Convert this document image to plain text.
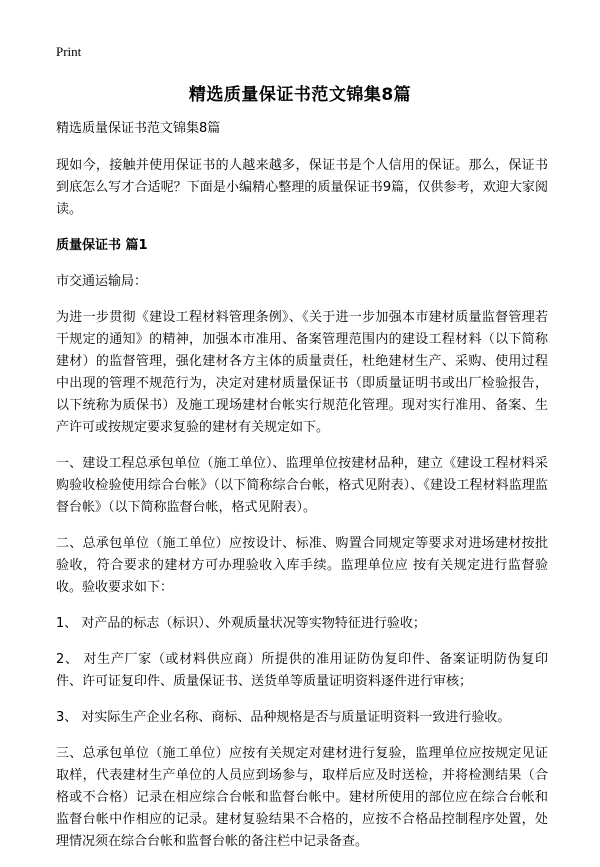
Print
精选质量保证书范文锦集8篇

精选质量保证书范文锦集8篇

现如今，接触并使用保证书的人越来越多，保证书是个人信用的保证。那么，保证书到底怎么写才合适呢？下面是小编精心整理的质量保证书9篇，仅供参考，欢迎大家阅读。

质量保证书 篇1

市交通运输局：

为进一步贯彻《建设工程材料管理条例》、《关于进一步加强本市建材质量监督管理若干规定的通知》的精神，加强本市准用、备案管理范围内的建设工程材料（以下简称建材）的监督管理，强化建材各方主体的质量责任，杜绝建材生产、采购、使用过程中出现的管理不规范行为，决定对建材质量保证书（即质量证明书或出厂检验报告，以下统称为质保书）及施工现场建材台帐实行规范化管理。现对实行准用、备案、生产许可或按规定要求复验的建材有关规定如下。

一、建设工程总承包单位（施工单位）、监理单位按建材品种，建立《建设工程材料采购验收检验使用综合台帐》（以下简称综合台帐，格式见附表）、《建设工程材料监理监督台帐》（以下简称监督台帐，格式见附表）。

二、总承包单位（施工单位）应按设计、标准、购置合同规定等要求对进场建材按批验收，符合要求的建材方可办理验收入库手续。监理单位应 按有关规定进行监督验收。验收要求如下：

1、 对产品的标志（标识）、外观质量状况等实物特征进行验收；

2、 对生产厂家（或材料供应商）所提供的准用证防伪复印件、备案证明防伪复印件、许可证复印件、质量保证书、送货单等质量证明资料逐件进行审核；

3、 对实际生产企业名称、商标、品种规格是否与质量证明资料一致进行验收。

三、总承包单位（施工单位）应按有关规定对建材进行复验，监理单位应按规定见证取样，代表建材生产单位的人员应到场参与，取样后应及时送检，并将检测结果（合格或不合格）记录在相应综合台帐和监督台帐中。建材所使用的部位应在综合台帐和监督台帐中作相应的记录。建材复验结果不合格的，应按不合格品控制程序处置，处理情况须在综合台帐和监督台帐的备注栏中记录备查。
